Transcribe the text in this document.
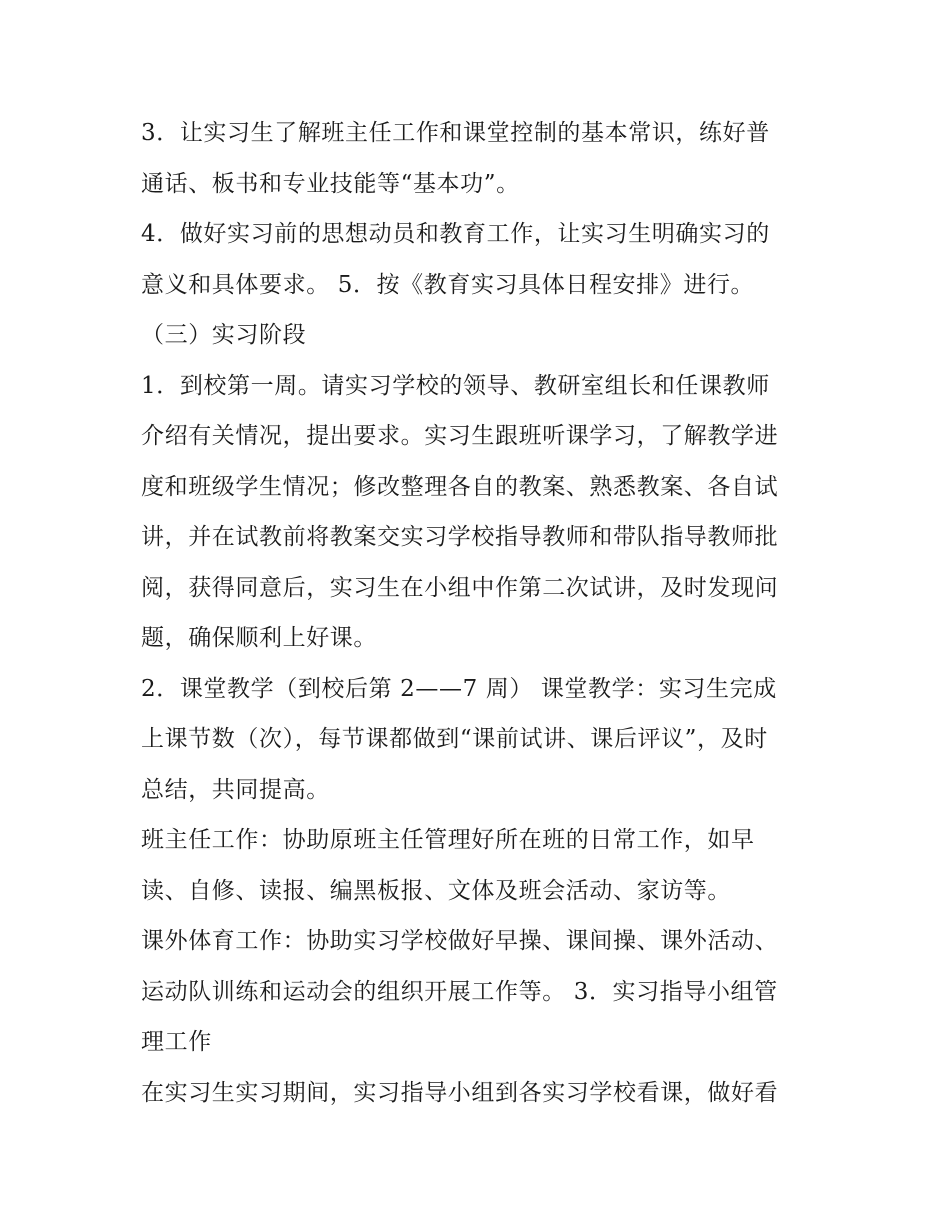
3．让实习生了解班主任工作和课堂控制的基本常识，练好普
通话、板书和专业技能等“基本功”。
4．做好实习前的思想动员和教育工作，让实习生明确实习的
意义和具体要求。 5．按《教育实习具体日程安排》进行。
（三）实习阶段
1．到校第一周。请实习学校的领导、教研室组长和任课教师
介绍有关情况，提出要求。实习生跟班听课学习，了解教学进
度和班级学生情况；修改整理各自的教案、熟悉教案、各自试
讲，并在试教前将教案交实习学校指导教师和带队指导教师批
阅，获得同意后，实习生在小组中作第二次试讲，及时发现问
题，确保顺利上好课。
2．课堂教学（到校后第 2——7 周） 课堂教学：实习生完成
上课节数（次），每节课都做到“课前试讲、课后评议”，及时
总结，共同提高。
班主任工作：协助原班主任管理好所在班的日常工作，如早
读、自修、读报、编黑板报、文体及班会活动、家访等。
课外体育工作：协助实习学校做好早操、课间操、课外活动、
运动队训练和运动会的组织开展工作等。 3．实习指导小组管
理工作
在实习生实习期间，实习指导小组到各实习学校看课，做好看
